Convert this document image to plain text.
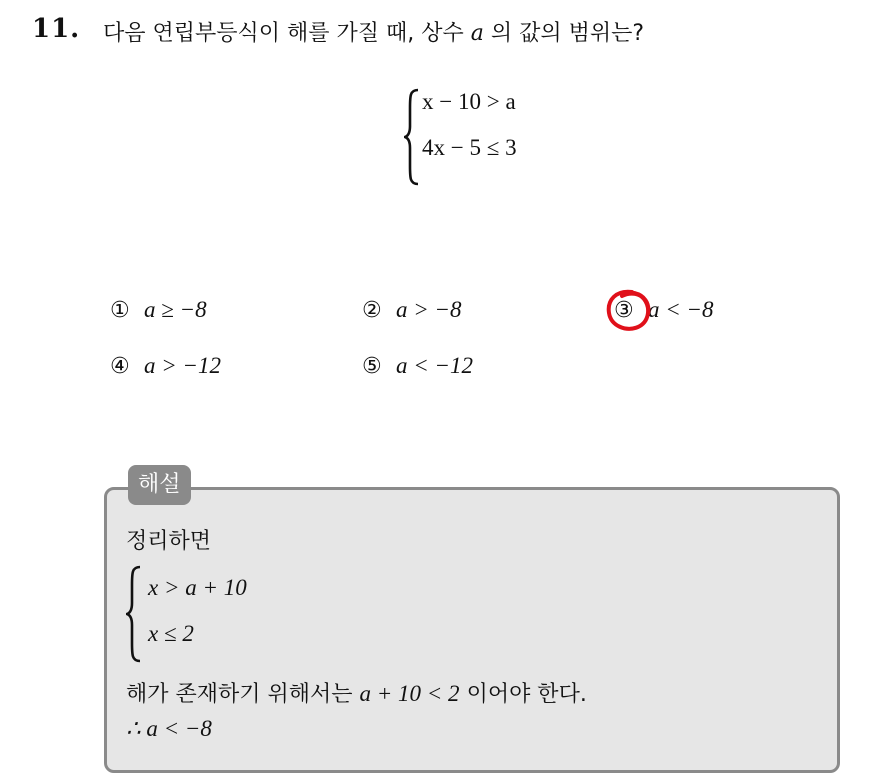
11. 다음 연립부등식이 해를 가질 때, 상수 a 의 값의 범위는?
x − 10 > a
4x − 5 ≤ 3
① a ≥ −8	② a > −8	③ a < −8
④ a > −12	⑤ a < −12
해설
정리하면
x > a + 10
x ≤ 2
해가 존재하기 위해서는 a + 10 < 2 이어야 한다.
∴ a < −8
